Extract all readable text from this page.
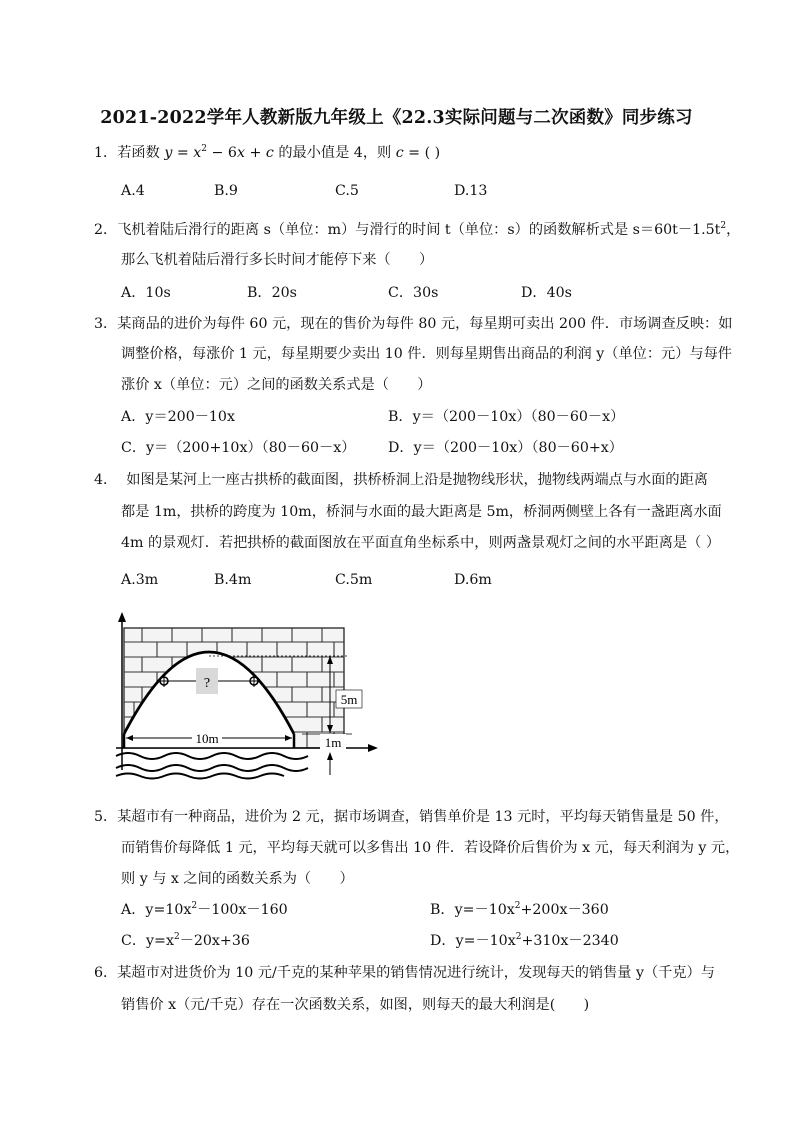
2021-2022学年人教新版九年级上《22.3实际问题与二次函数》同步练习
1．若函数 $y = x^2 - 6x + c$ 的最小值是 4，则 c = ( )
A.4	B.9	C.5	D.13
2．飞机着陆后滑行的距离 s（单位：m）与滑行的时间 t（单位：s）的函数解析式是 $s=60t-1.5t^2$，
那么飞机着陆后滑行多长时间才能停下来（　　）
A．10s	B．20s	C．30s	D．40s
3．某商品的进价为每件 60 元，现在的售价为每件 80 元，每星期可卖出 200 件．市场调查反映：如
调整价格，每涨价 1 元，每星期要少卖出 10 件．则每星期售出商品的利润 y（单位：元）与每件
涨价 x（单位：元）之间的函数关系式是（　　）
A．y＝200－10x	B．y＝（200－10x）（80－60－x）
C．y＝（200+10x）（80－60－x） D．y＝（200－10x）（80－60+x）
4． 如图是某河上一座古拱桥的截面图，拱桥桥洞上沿是抛物线形状，抛物线两端点与水面的距离
都是 1m，拱桥的跨度为 10m，桥洞与水面的最大距离是 5m，桥洞两侧壁上各有一盏距离水面
4m 的景观灯．若把拱桥的截面图放在平面直角坐标系中，则两盏景观灯之间的水平距离是（ ）
A.3m	B.4m	C.5m	D.6m
?
10m
5m
1m
5．某超市有一种商品，进价为 2 元，据市场调查，销售单价是 13 元时，平均每天销售量是 50 件，
而销售价每降低 1 元，平均每天就可以多售出 10 件．若设降价后售价为 x 元，每天利润为 y 元，
则 y 与 x 之间的函数关系为（　　）
A．$y=10x^2-100x-160$	B．$y=-10x^2+200x-360$
C．$y=x^2-20x+36$	D．$y=-10x^2+310x-2340$
6．某超市对进货价为 10 元/千克的某种苹果的销售情况进行统计，发现每天的销售量 y（千克）与
销售价 x（元/千克）存在一次函数关系，如图，则每天的最大利润是(　　)
